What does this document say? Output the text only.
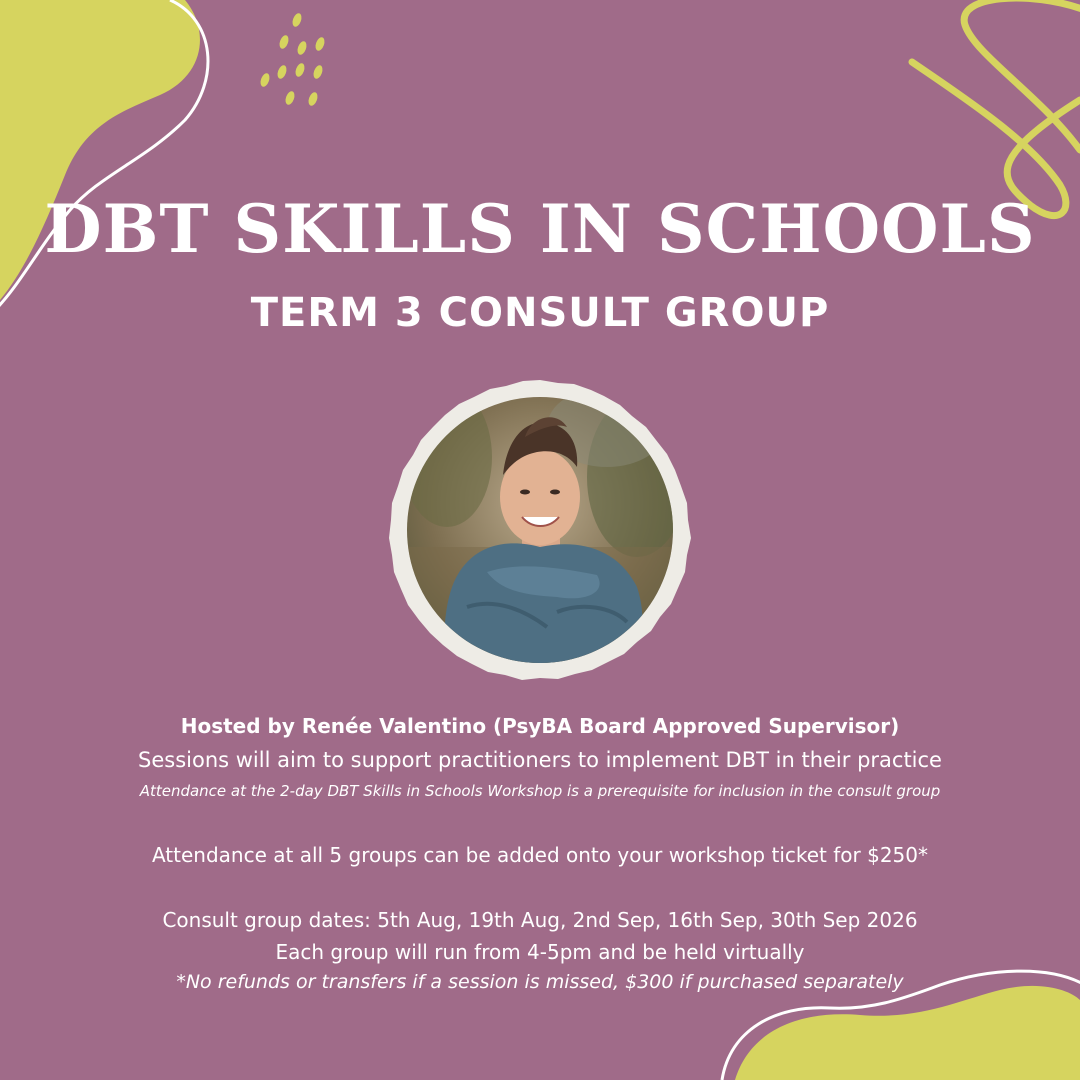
DBT SKILLS IN SCHOOLS
TERM 3 CONSULT GROUP
Hosted by Renée Valentino (PsyBA Board Approved Supervisor)
Sessions will aim to support practitioners to implement DBT in their practice
Attendance at the 2-day DBT Skills in Schools Workshop is a prerequisite for inclusion in the consult group
Attendance at all 5 groups can be added onto your workshop ticket for $250*
Consult group dates: 5th Aug, 19th Aug, 2nd Sep, 16th Sep, 30th Sep 2026
Each group will run from 4-5pm and be held virtually
*No refunds or transfers if a session is missed, $300 if purchased separately
